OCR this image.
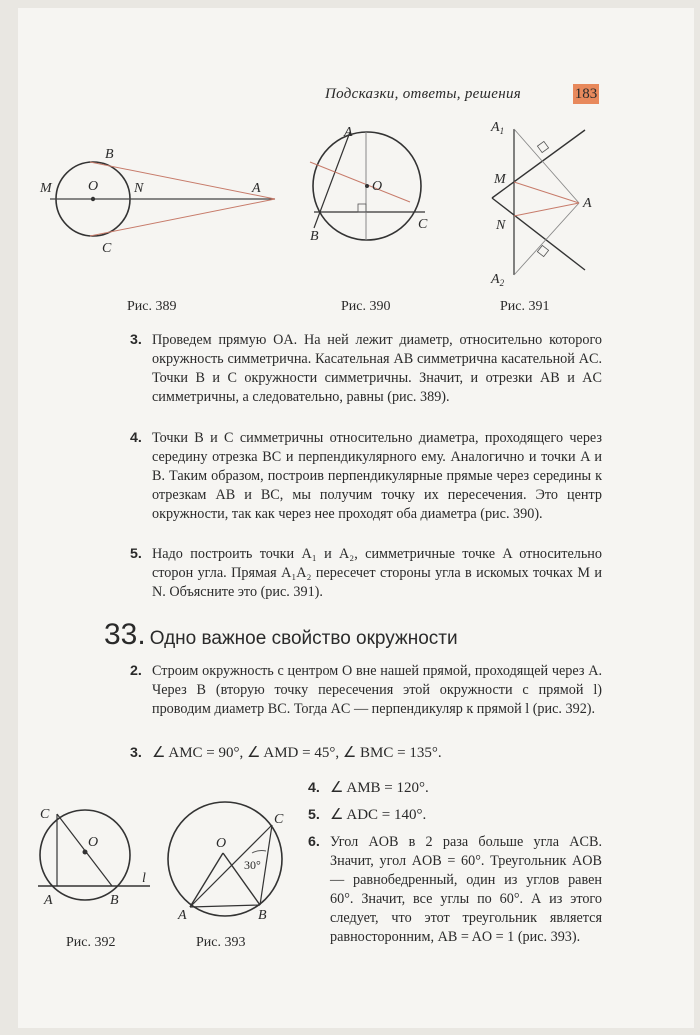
Подсказки, ответы, решения	183
M	O	N	A
B
C
Рис. 389
A
O
B
C
Рис. 390
$A_1$
M
A
N
$A_2$
Рис. 391
3. Проведем прямую OA. На ней лежит диаметр, относительно которого окружность симметрична. Касательная AB симметрична касательной AC. Точки B и C окружности симметричны. Значит, и отрезки AB и AC симметричны, а следовательно, равны (рис. 389).
4. Точки B и C симметричны относительно диаметра, проходящего через середину отрезка BC и перпендикулярного ему. Аналогично и точки A и B. Таким образом, построив перпендикулярные прямые через середины к отрезкам AB и BC, мы получим точку их пересечения. Это центр окружности, так как через нее проходят оба диаметра (рис. 390).
5. Надо построить точки A₁ и A₂, симметричные точке A относительно сторон угла. Прямая A₁A₂ пересечет стороны угла в искомых точках M и N. Объясните это (рис. 391).
33. Одно важное свойство окружности
2. Строим окружность с центром O вне нашей прямой, проходящей через A. Через B (вторую точку пересечения этой окружности с прямой l) проводим диаметр BC. Тогда AC — перпендикуляр к прямой l (рис. 392).
3. ∠ AMC = 90°, ∠ AMD = 45°, ∠ BMC = 135°.
4. ∠ AMB = 120°.
5. ∠ ADC = 140°.
6. Угол AOB в 2 раза больше угла ACB. Значит, угол AOB = 60°. Треугольник AOB — равнобедренный, один из углов равен 60°. Значит, все углы по 60°. А из этого следует, что этот треугольник является равносторонним, AB = AO = 1 (рис. 393).
C
O
A	B
l
Рис. 392
O
C
A	B
30°
Рис. 393
